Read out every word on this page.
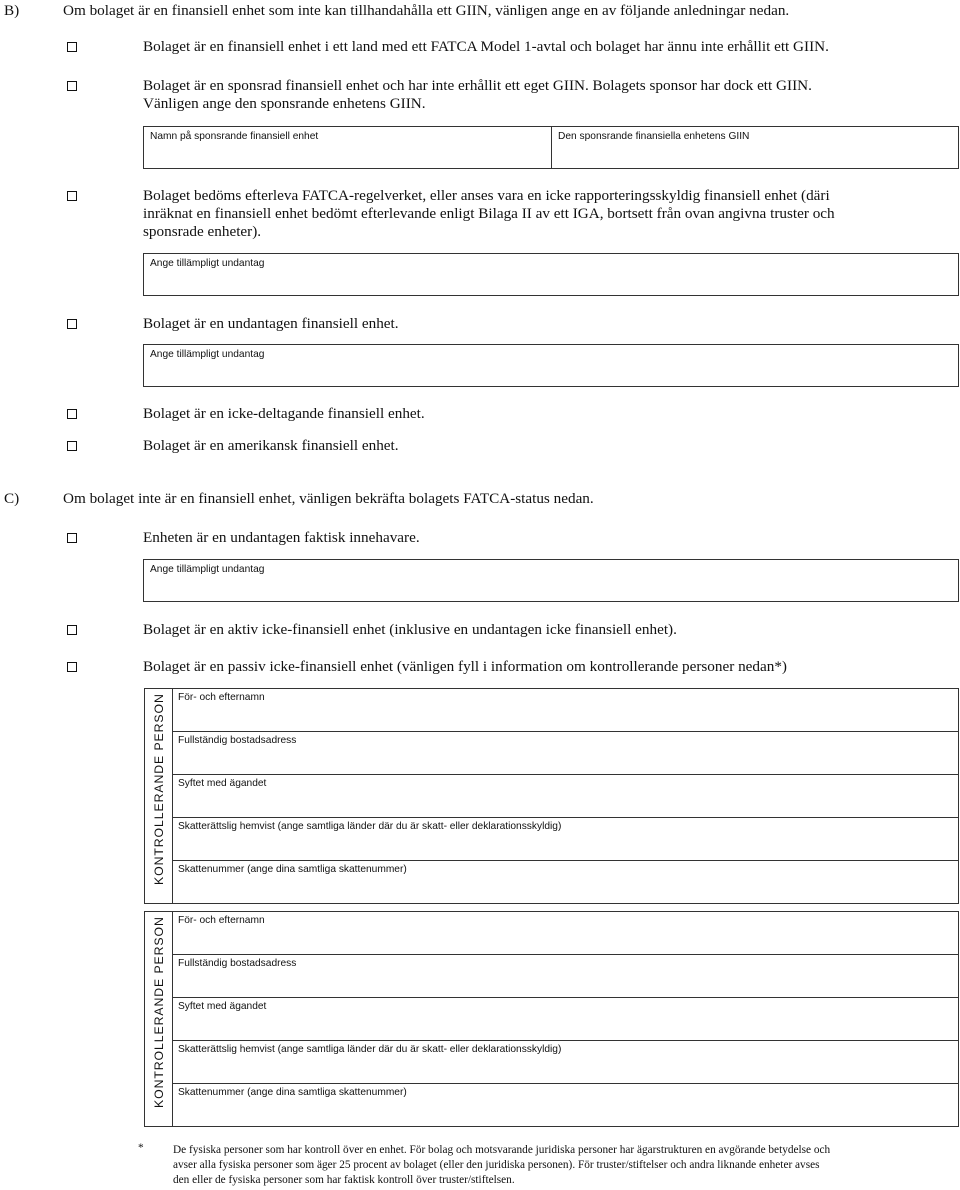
B)	Om bolaget är en finansiell enhet som inte kan tillhandahålla ett GIIN, vänligen ange en av följande anledningar nedan.
Bolaget är en finansiell enhet i ett land med ett FATCA Model 1-avtal och bolaget har ännu inte erhållit ett GIIN.
Bolaget är en sponsrad finansiell enhet och har inte erhållit ett eget GIIN. Bolagets sponsor har dock ett GIIN.
Vänligen ange den sponsrande enhetens GIIN.
Namn på sponsrande finansiell enhet	Den sponsrande finansiella enhetens GIIN
Bolaget bedöms efterleva FATCA-regelverket, eller anses vara en icke rapporteringsskyldig finansiell enhet (däri
inräknat en finansiell enhet bedömt efterlevande enligt Bilaga II av ett IGA, bortsett från ovan angivna truster och
sponsrade enheter).
Ange tillämpligt undantag
Bolaget är en undantagen finansiell enhet.
Ange tillämpligt undantag
Bolaget är en icke-deltagande finansiell enhet.
Bolaget är en amerikansk finansiell enhet.
C)	Om bolaget inte är en finansiell enhet, vänligen bekräfta bolagets FATCA-status nedan.
Enheten är en undantagen faktisk innehavare.
Ange tillämpligt undantag
Bolaget är en aktiv icke-finansiell enhet (inklusive en undantagen icke finansiell enhet).
Bolaget är en passiv icke-finansiell enhet (vänligen fyll i information om kontrollerande personer nedan*)
KONTROLLERANDE PERSON För- och efternamn
Fullständig bostadsadress
Syftet med ägandet
Skatterättslig hemvist (ange samtliga länder där du är skatt- eller deklarationsskyldig)
Skattenummer (ange dina samtliga skattenummer)
KONTROLLERANDE PERSON För- och efternamn
Fullständig bostadsadress
Syftet med ägandet
Skatterättslig hemvist (ange samtliga länder där du är skatt- eller deklarationsskyldig)
Skattenummer (ange dina samtliga skattenummer)
*	De fysiska personer som har kontroll över en enhet. För bolag och motsvarande juridiska personer har ägarstrukturen en avgörande betydelse och
avser alla fysiska personer som äger 25 procent av bolaget (eller den juridiska personen). För truster/stiftelser och andra liknande enheter avses
den eller de fysiska personer som har faktisk kontroll över truster/stiftelsen.
